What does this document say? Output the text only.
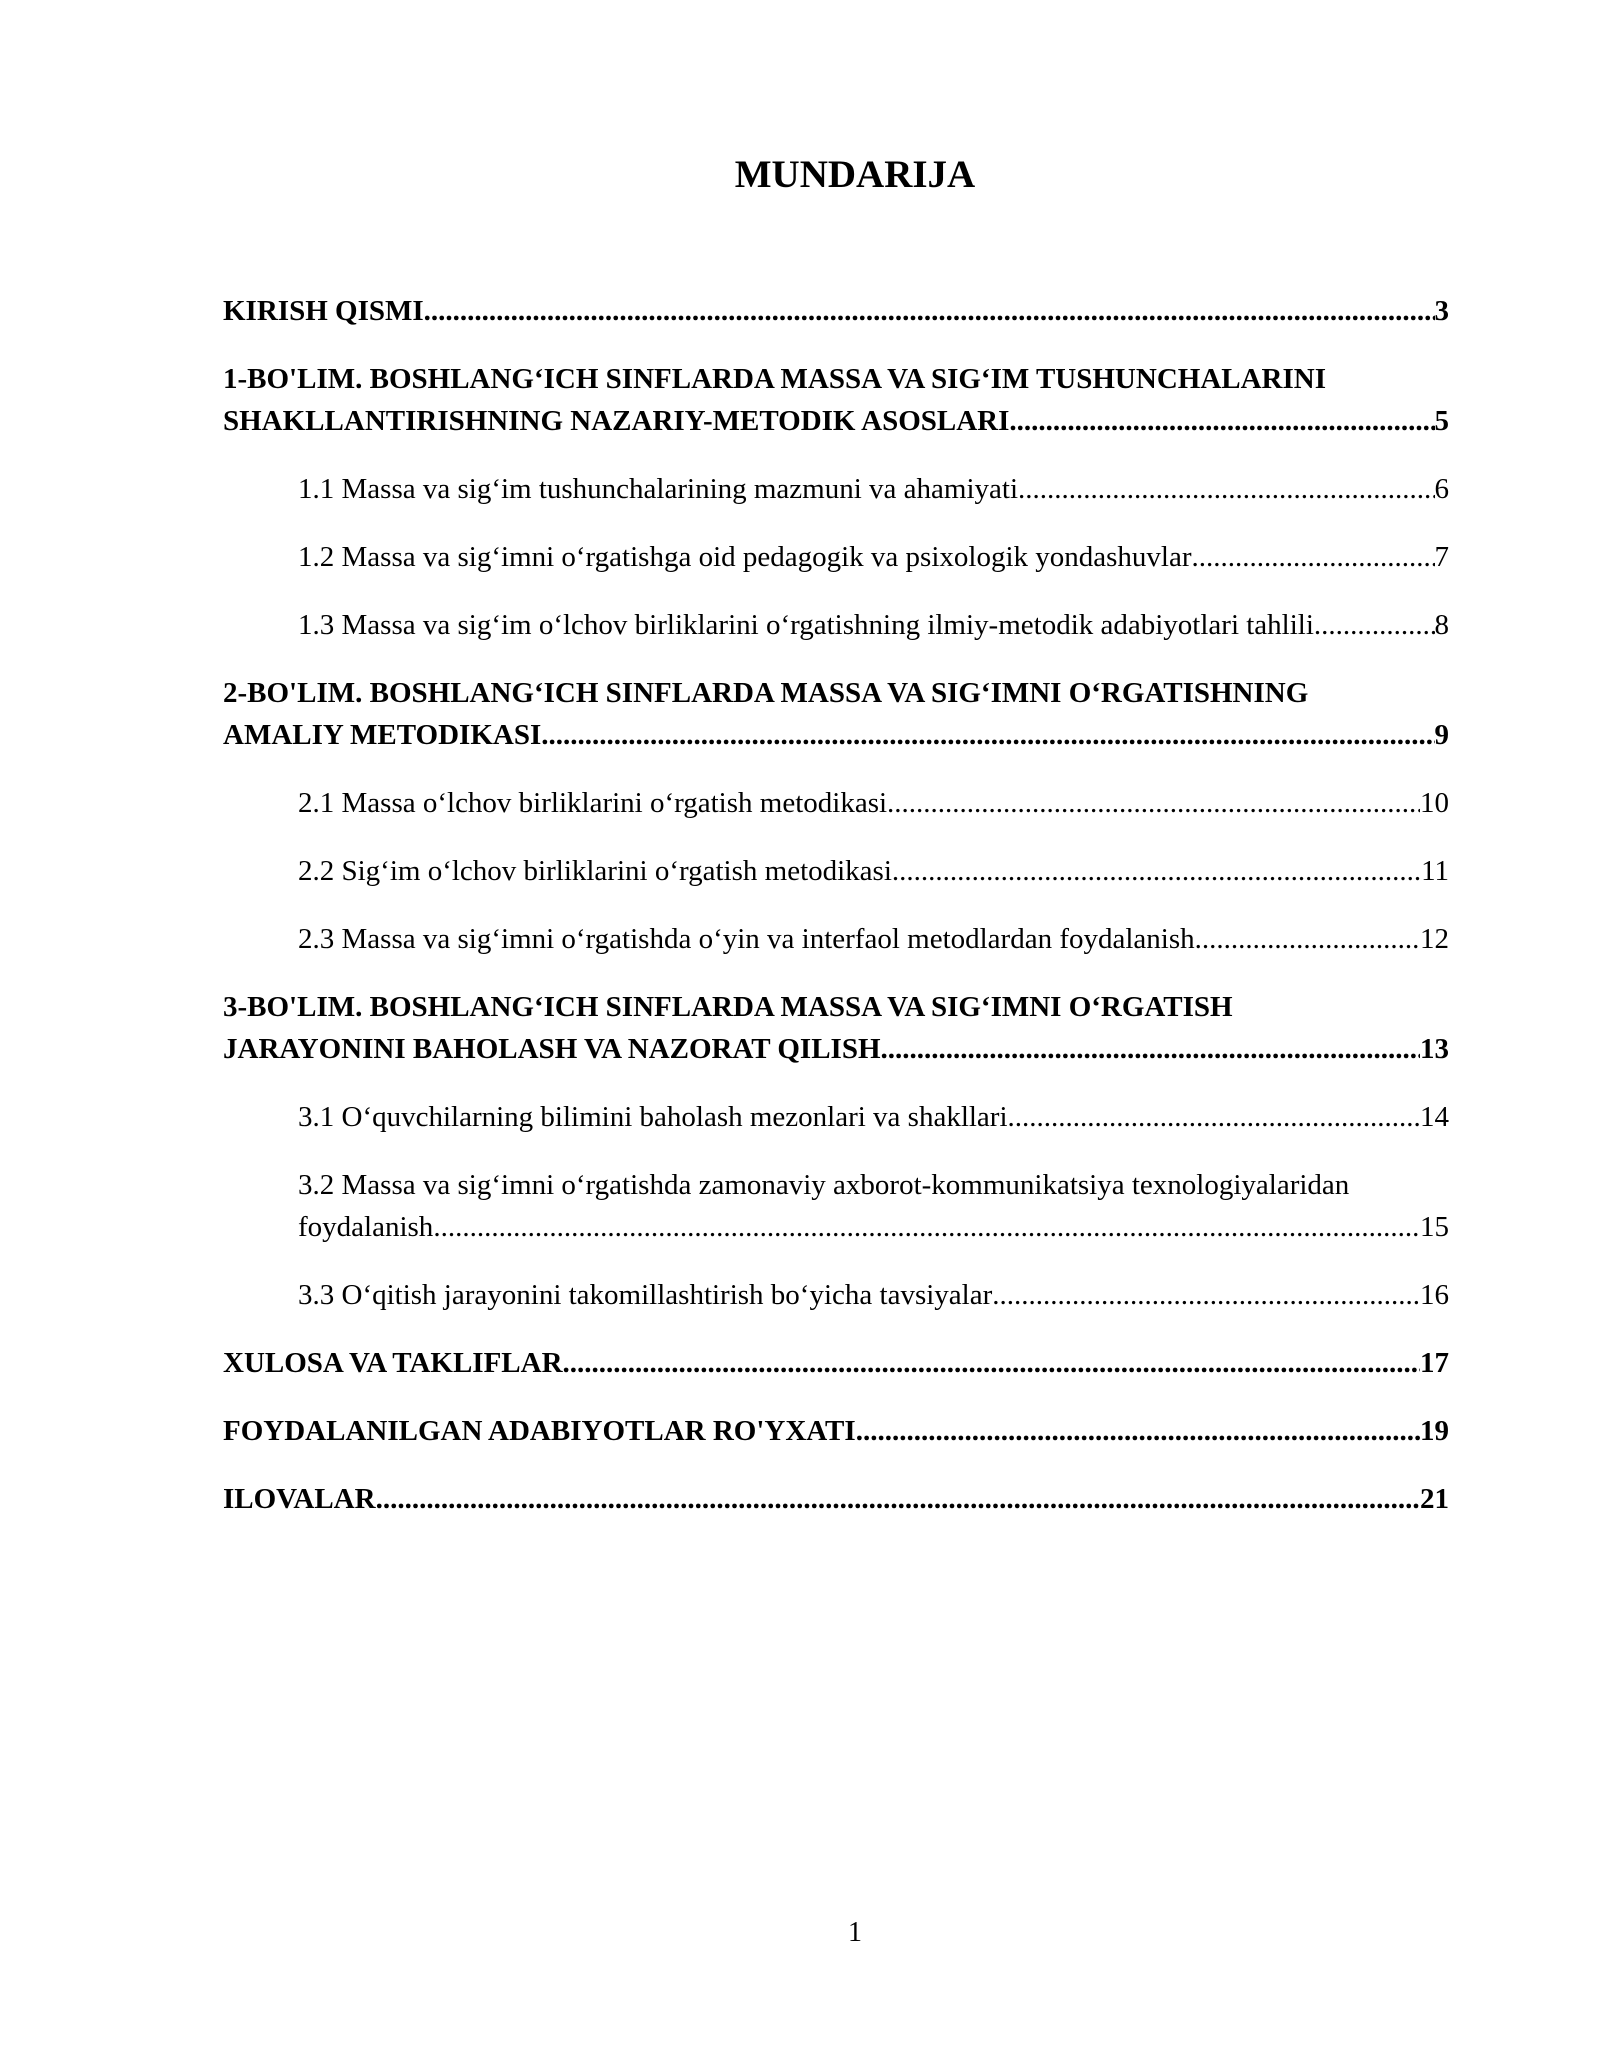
MUNDARIJA
KIRISH QISMI .....	3
1-BO'LIM. BOSHLANG‘ICH SINFLARDA MASSA VA SIG‘IM TUSHUNCHALARINI
SHAKLLANTIRISHNING NAZARIY-METODIK ASOSLARI .....	5
1.1 Massa va sig‘im tushunchalarining mazmuni va ahamiyati .....	6
1.2 Massa va sig‘imni o‘rgatishga oid pedagogik va psixologik yondashuvlar .....	7
1.3 Massa va sig‘im o‘lchov birliklarini o‘rgatishning ilmiy-metodik adabiyotlari tahlili .....	8
2-BO'LIM. BOSHLANG‘ICH SINFLARDA MASSA VA SIG‘IMNI O‘RGATISHNING
AMALIY METODIKASI .....	9
2.1 Massa o‘lchov birliklarini o‘rgatish metodikasi .....	10
2.2 Sig‘im o‘lchov birliklarini o‘rgatish metodikasi .....	11
2.3 Massa va sig‘imni o‘rgatishda o‘yin va interfaol metodlardan foydalanish .....	12
3-BO'LIM. BOSHLANG‘ICH SINFLARDA MASSA VA SIG‘IMNI O‘RGATISH
JARAYONINI BAHOLASH VA NAZORAT QILISH .....	13
3.1 O‘quvchilarning bilimini baholash mezonlari va shakllari .....	14
3.2 Massa va sig‘imni o‘rgatishda zamonaviy axborot-kommunikatsiya texnologiyalaridan
foydalanish .....	15
3.3 O‘qitish jarayonini takomillashtirish bo‘yicha tavsiyalar .....	16
XULOSA VA TAKLIFLAR .....	17
FOYDALANILGAN ADABIYOTLAR RO'YXATI .....	19
ILOVALAR .....	21
1
